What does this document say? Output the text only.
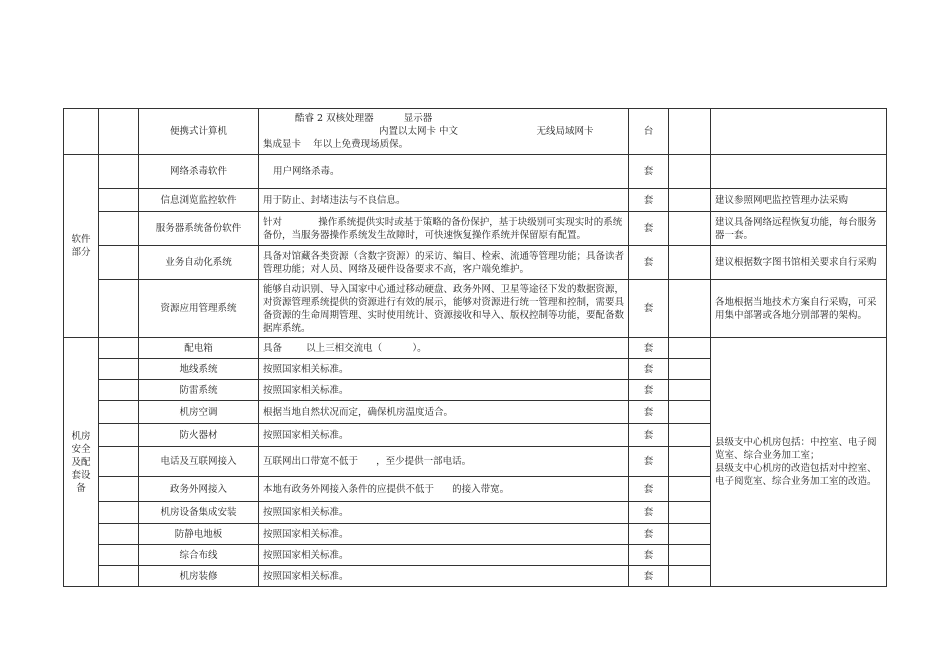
		便携式计算机	酷睿 2 双核处理器          显示器
内置以太网卡 中文                          无线局域网卡
集成显卡    年以上免费现场质保。	台		

软件
部分		网络杀毒软件	用户网络杀毒。	套		
		信息浏览监控软件	用于防止、封堵违法与不良信息。	套		建议参照网吧监控管理办法采购
		服务器系统备份软件	针对            操作系统提供实时或基于策略的备份保护，基于块级别可实现实时的系统备份，当服务器操作系统发生故障时，可快速恢复操作系统并保留原有配置。	套		建议具备网络远程恢复功能，每台服务器一套。
		业务自动化系统	具备对馆藏各类资源（含数字资源）的采访、编目、检索、流通等管理功能；具备读者管理功能；对人员、网络及硬件设备要求不高，客户端免维护。	套		建议根据数字图书馆相关要求自行采购
		资源应用管理系统	能够自动识别、导入国家中心通过移动硬盘、政务外网、卫星等途径下发的数据资源，对资源管理系统提供的资源进行有效的展示，能够对资源进行统一管理和控制，需要具备资源的生命周期管理、实时使用统计、资源接收和导入、版权控制等功能，要配备数据库系统。	套		各地根据当地技术方案自行采购，可采用集中部署或各地分别部署的架构。

机房
安全
及配
套设
备		配电箱	具备        以上三相交流电（          ）。	套		县级支中心机房包括：中控室、电子阅览室、综合业务加工室；
县级支中心机房的改造包括对中控室、电子阅览室、综合业务加工室的改造。
		地线系统	按照国家相关标准。	套		
		防雷系统	按照国家相关标准。	套		
		机房空调	根据当地自然状况而定，确保机房温度适合。	套		
		防火器材	按照国家相关标准。	套		
		电话及互联网接入	互联网出口带宽不低于      ，至少提供一部电话。	套		
		政务外网接入	本地有政务外网接入条件的应提供不低于      的接入带宽。	套		
		机房设备集成安装	按照国家相关标准。	套		
		防静电地板	按照国家相关标准。	套		
		综合布线	按照国家相关标准。	套		
		机房装修	按照国家相关标准。	套		
